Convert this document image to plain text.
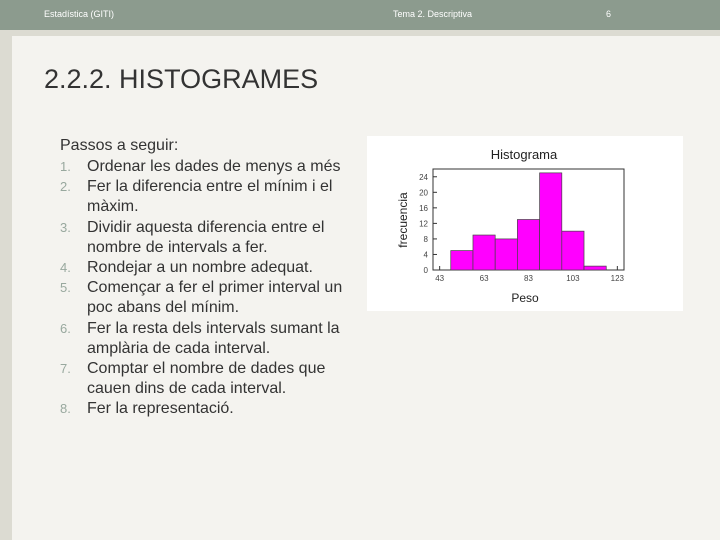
Estadística (GITI)	Tema 2. Descriptiva	6
2.2.2. HISTOGRAMES

Passos a seguir:

1. Ordenar les dades de menys a més
2. Fer la diferencia entre el mínim i el màxim.
3. Dividir aquesta diferencia entre el nombre de intervals a fer.
4. Rondejar a un nombre adequat.
5. Començar a fer el primer interval un poc abans del mínim.
6. Fer la resta dels intervals sumant la amplària de cada interval.
7. Comptar el nombre de dades que cauen dins de cada interval.
8. Fer la representació.
0
4
8
12
16
20
24
43	63	83	103	123
Histograma
Peso
frecuencia
